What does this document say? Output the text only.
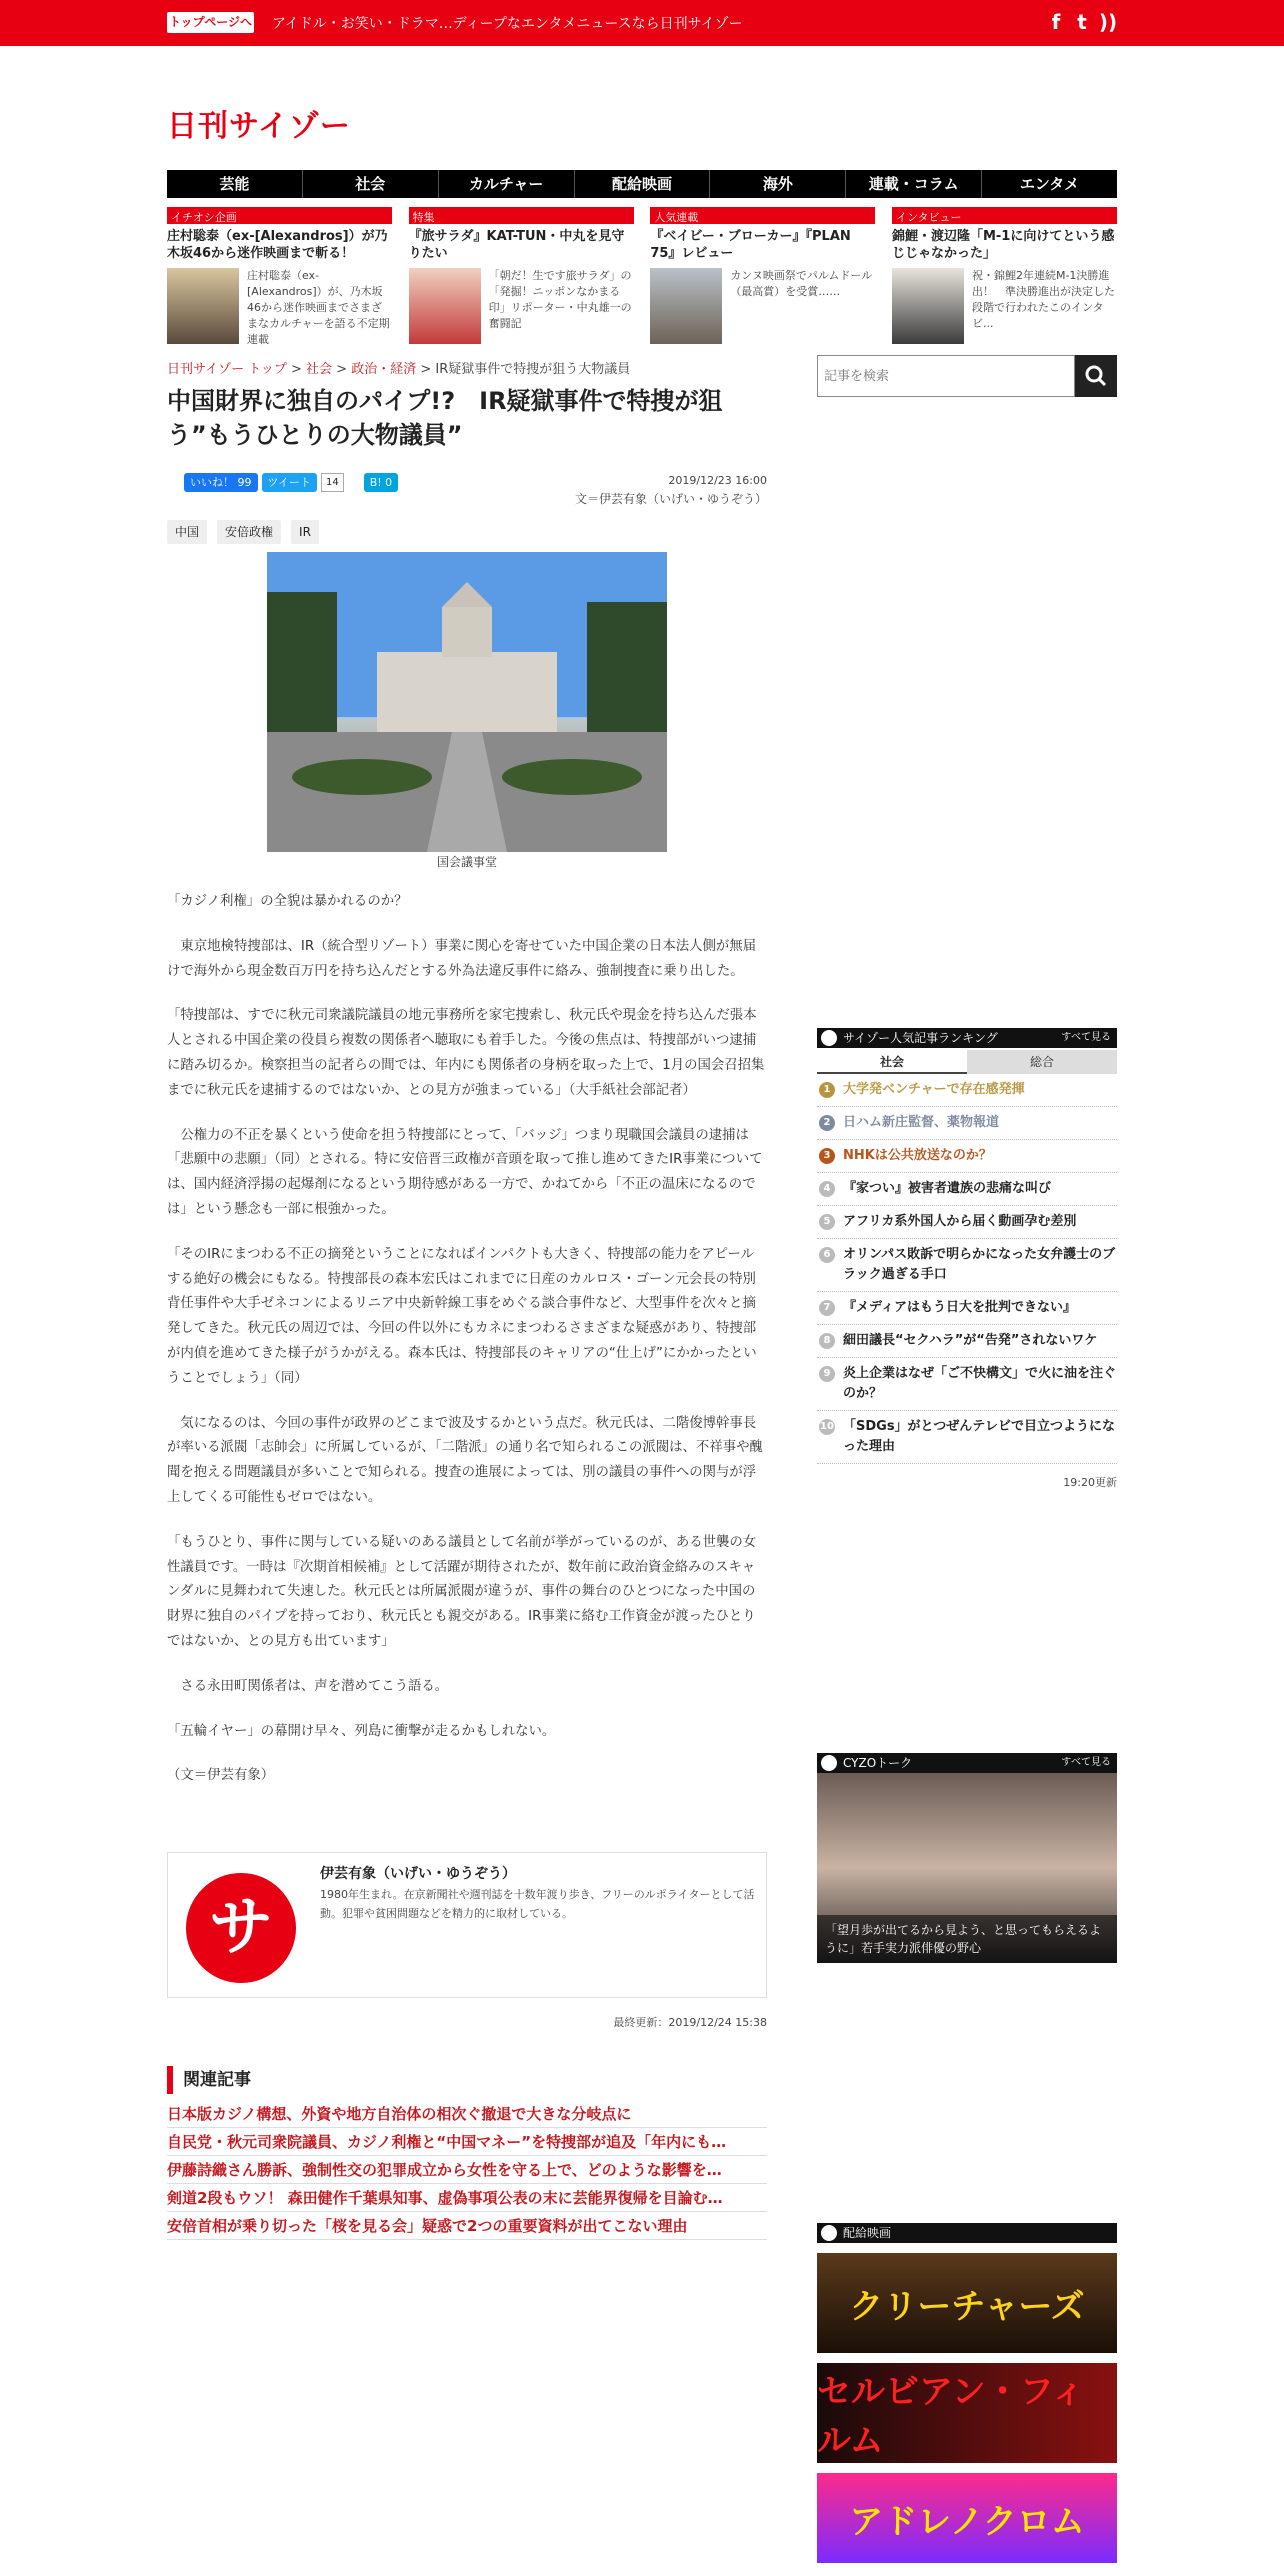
トップページへ アイドル・お笑い・ドラマ…ディープなエンタメニュースなら日刊サイゾー	f t ))
日刊サイゾー
芸能	社会	カルチャー	配給映画	海外	連載・コラム	エンタメ
イチオシ企画
庄村聡泰（ex-[Alexandros]）が乃木坂46から迷作映画まで斬る！
庄村聡泰（ex-[Alexandros]）が、乃木坂46から迷作映画までさまざまなカルチャーを語る不定期連載
特集
『旅サラダ』KAT-TUN・中丸を見守りたい
「朝だ！生です旅サラダ」の「発掘！ニッポンなかまる印」リポーター・中丸雄一の奮闘記
人気連載
『ベイビー・ブローカー』『PLAN 75』レビュー
カンヌ映画祭でパルムドール（最高賞）を受賞……
インタビュー
錦鯉・渡辺隆「M-1に向けてという感じじゃなかった」
祝・錦鯉2年連続M-1決勝進出！　準決勝進出が決定した段階で行われたこのインタビ...
日刊サイゾー トップ > 社会 > 政治・経済 > IR疑獄事件で特捜が狙う大物議員
中国財界に独自のパイプ!?　IR疑獄事件で特捜が狙う”もうひとりの大物議員”
いいね！ 99	ツイート	14	B! 0	2019/12/23 16:00
文＝伊芸有象（いげい・ゆうぞう）
中国	安倍政権	IR
国会議事堂

「カジノ利権」の全貌は暴かれるのか？

東京地検特捜部は、IR（統合型リゾート）事業に関心を寄せていた中国企業の日本法人側が無届けで海外から現金数百万円を持ち込んだとする外為法違反事件に絡み、強制捜査に乗り出した。

「特捜部は、すでに秋元司衆議院議員の地元事務所を家宅捜索し、秋元氏や現金を持ち込んだ張本人とされる中国企業の役員ら複数の関係者へ聴取にも着手した。今後の焦点は、特捜部がいつ逮捕に踏み切るか。検察担当の記者らの間では、年内にも関係者の身柄を取った上で、1月の国会召招集までに秋元氏を逮捕するのではないか、との見方が強まっている」（大手紙社会部記者）

公権力の不正を暴くという使命を担う特捜部にとって、「バッジ」つまり現職国会議員の逮捕は「悲願中の悲願」（同）とされる。特に安倍晋三政権が音頭を取って推し進めてきたIR事業については、国内経済浮揚の起爆剤になるという期待感がある一方で、かねてから「不正の温床になるのでは」という懸念も一部に根強かった。

「そのIRにまつわる不正の摘発ということになればインパクトも大きく、特捜部の能力をアピールする絶好の機会にもなる。特捜部長の森本宏氏はこれまでに日産のカルロス・ゴーン元会長の特別背任事件や大手ゼネコンによるリニア中央新幹線工事をめぐる談合事件など、大型事件を次々と摘発してきた。秋元氏の周辺では、今回の件以外にもカネにまつわるさまざまな疑惑があり、特捜部が内偵を進めてきた様子がうかがえる。森本氏は、特捜部長のキャリアの“仕上げ”にかかったということでしょう」（同）

気になるのは、今回の事件が政界のどこまで波及するかという点だ。秋元氏は、二階俊博幹事長が率いる派閥「志帥会」に所属しているが、「二階派」の通り名で知られるこの派閥は、不祥事や醜聞を抱える問題議員が多いことで知られる。捜査の進展によっては、別の議員の事件への関与が浮上してくる可能性もゼロではない。

「もうひとり、事件に関与している疑いのある議員として名前が挙がっているのが、ある世襲の女性議員です。一時は『次期首相候補』として活躍が期待されたが、数年前に政治資金絡みのスキャンダルに見舞われて失速した。秋元氏とは所属派閥が違うが、事件の舞台のひとつになった中国の財界に独自のパイプを持っており、秋元氏とも親交がある。IR事業に絡む工作資金が渡ったひとりではないか、との見方も出ています」

さる永田町関係者は、声を潜めてこう語る。

「五輪イヤー」の幕開け早々、列島に衝撃が走るかもしれない。

（文＝伊芸有象）

サ
伊芸有象（いげい・ゆうぞう）
1980年生まれ。在京新聞社や週刊誌を十数年渡り歩き、フリーのルポライターとして活動。犯罪や貧困問題などを精力的に取材している。
最終更新：2019/12/24 15:38
関連記事
日本版カジノ構想、外資や地方自治体の相次ぐ撤退で大きな分岐点に
自民党・秋元司衆院議員、カジノ利権と“中国マネー”を特捜部が追及「年内にも…
伊藤詩織さん勝訴、強制性交の犯罪成立から女性を守る上で、どのような影響を…
剣道2段もウソ！ 森田健作千葉県知事、虚偽事項公表の末に芸能界復帰を目論む…
安倍首相が乗り切った「桜を見る会」疑惑で2つの重要資料が出てこない理由
記事を検索
サイゾー人気記事ランキング	すべて見る
社会	総合
1 大学発ベンチャーで存在感発揮
2 日ハム新庄監督、薬物報道
3 NHKは公共放送なのか？
4 『家つい』被害者遺族の悲痛な叫び
5 アフリカ系外国人から届く動画孕む差別
6 オリンパス敗訴で明らかになった女弁護士のブラック過ぎる手口
7 『メディアはもう日大を批判できない』
8 細田議長“セクハラ”が“告発”されないワケ
9 炎上企業はなぜ「ご不快構文」で火に油を注ぐのか？
10 「SDGs」がとつぜんテレビで目立つようになった理由
19:20更新
CYZOトーク	すべて見る
「望月歩が出てるから見よう、と思ってもらえるように」若手実力派俳優の野心
配給映画
クリーチャーズ
セルビアン・フィルム
アドレノクロム
